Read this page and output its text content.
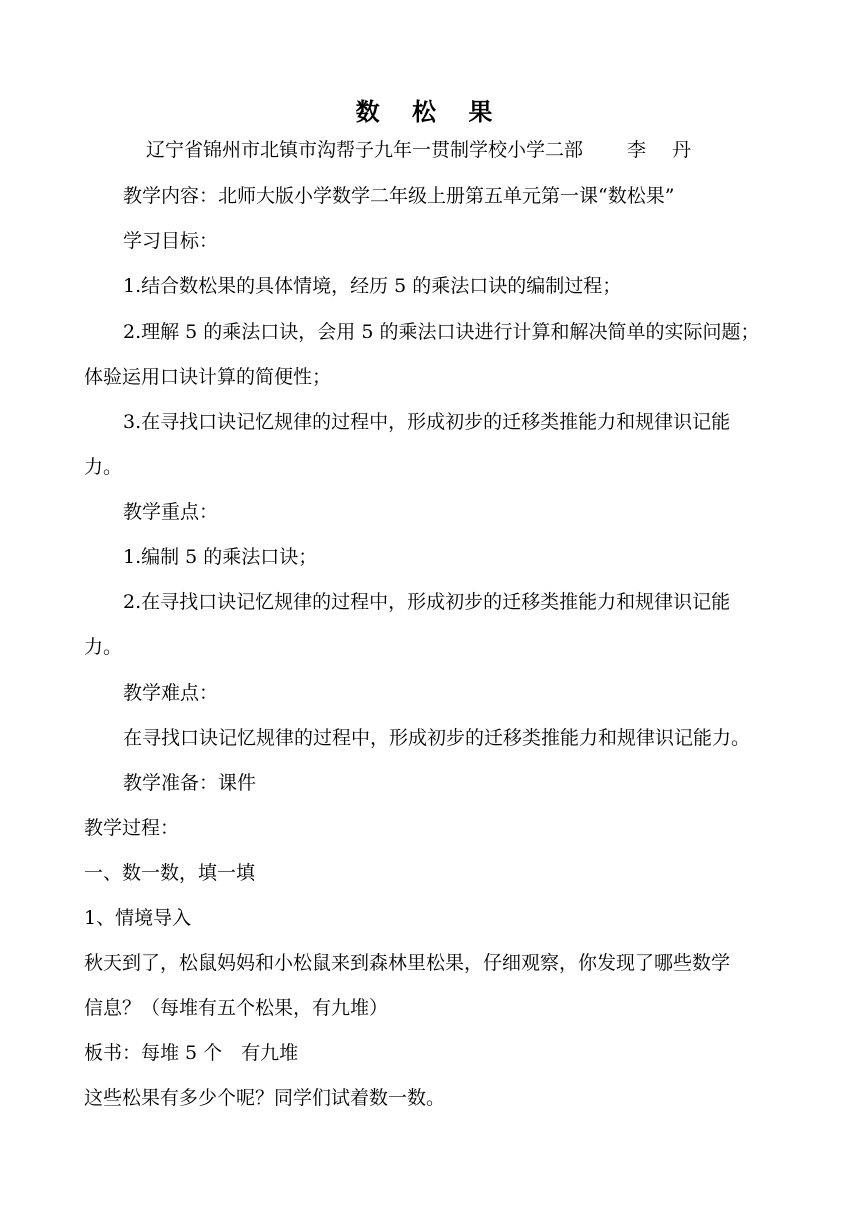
数 松 果
辽宁省锦州市北镇市沟帮子九年一贯制学校小学二部 李 丹
教学内容：北师大版小学数学二年级上册第五单元第一课“数松果”
学习目标：
1.结合数松果的具体情境，经历 5 的乘法口诀的编制过程；
2.理解 5 的乘法口诀，会用 5 的乘法口诀进行计算和解决简单的实际问题；
体验运用口诀计算的简便性；
3.在寻找口诀记忆规律的过程中，形成初步的迁移类推能力和规律识记能
力。
教学重点：
1.编制 5 的乘法口诀；
2.在寻找口诀记忆规律的过程中，形成初步的迁移类推能力和规律识记能
力。
教学难点：
在寻找口诀记忆规律的过程中，形成初步的迁移类推能力和规律识记能力。
教学准备：课件
教学过程：
一、数一数，填一填
1、情境导入
秋天到了，松鼠妈妈和小松鼠来到森林里松果，仔细观察，你发现了哪些数学
信息？（每堆有五个松果，有九堆）
板书：每堆 5 个　有九堆
这些松果有多少个呢？同学们试着数一数。
